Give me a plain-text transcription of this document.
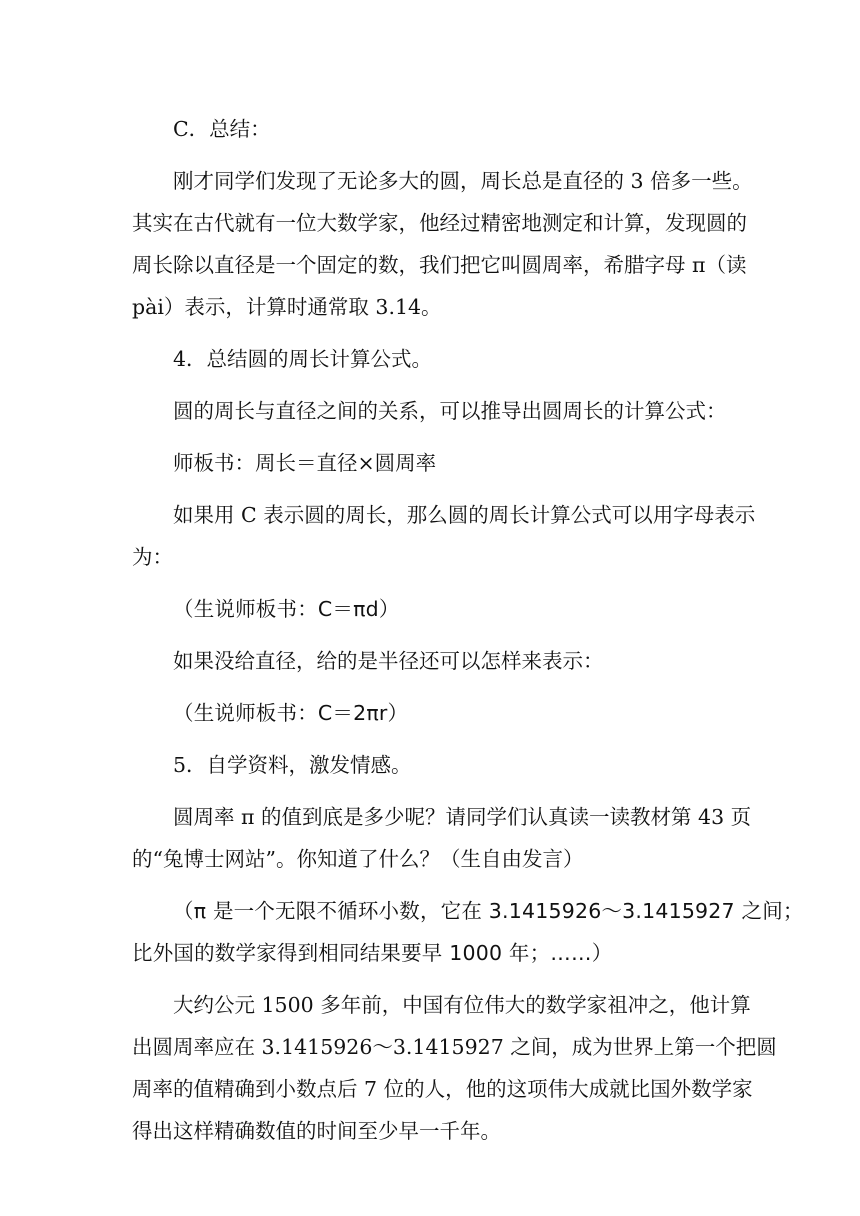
C．总结：
刚才同学们发现了无论多大的圆，周长总是直径的 3 倍多一些。
其实在古代就有一位大数学家，他经过精密地测定和计算，发现圆的
周长除以直径是一个固定的数，我们把它叫圆周率，希腊字母 π（读
pài）表示，计算时通常取 3.14。
4．总结圆的周长计算公式。
圆的周长与直径之间的关系，可以推导出圆周长的计算公式：
师板书：周长＝直径×圆周率
如果用 C 表示圆的周长，那么圆的周长计算公式可以用字母表示
为：
（生说师板书：C＝πd）
如果没给直径，给的是半径还可以怎样来表示：
（生说师板书：C＝2πr）
5．自学资料，激发情感。
圆周率 π 的值到底是多少呢？请同学们认真读一读教材第 43 页
的“兔博士网站”。你知道了什么？（生自由发言）
（π 是一个无限不循环小数，它在 3.1415926～3.1415927 之间；
比外国的数学家得到相同结果要早 1000 年；……）
大约公元 1500 多年前，中国有位伟大的数学家祖冲之，他计算
出圆周率应在 3.1415926～3.1415927 之间，成为世界上第一个把圆
周率的值精确到小数点后 7 位的人，他的这项伟大成就比国外数学家
得出这样精确数值的时间至少早一千年。
